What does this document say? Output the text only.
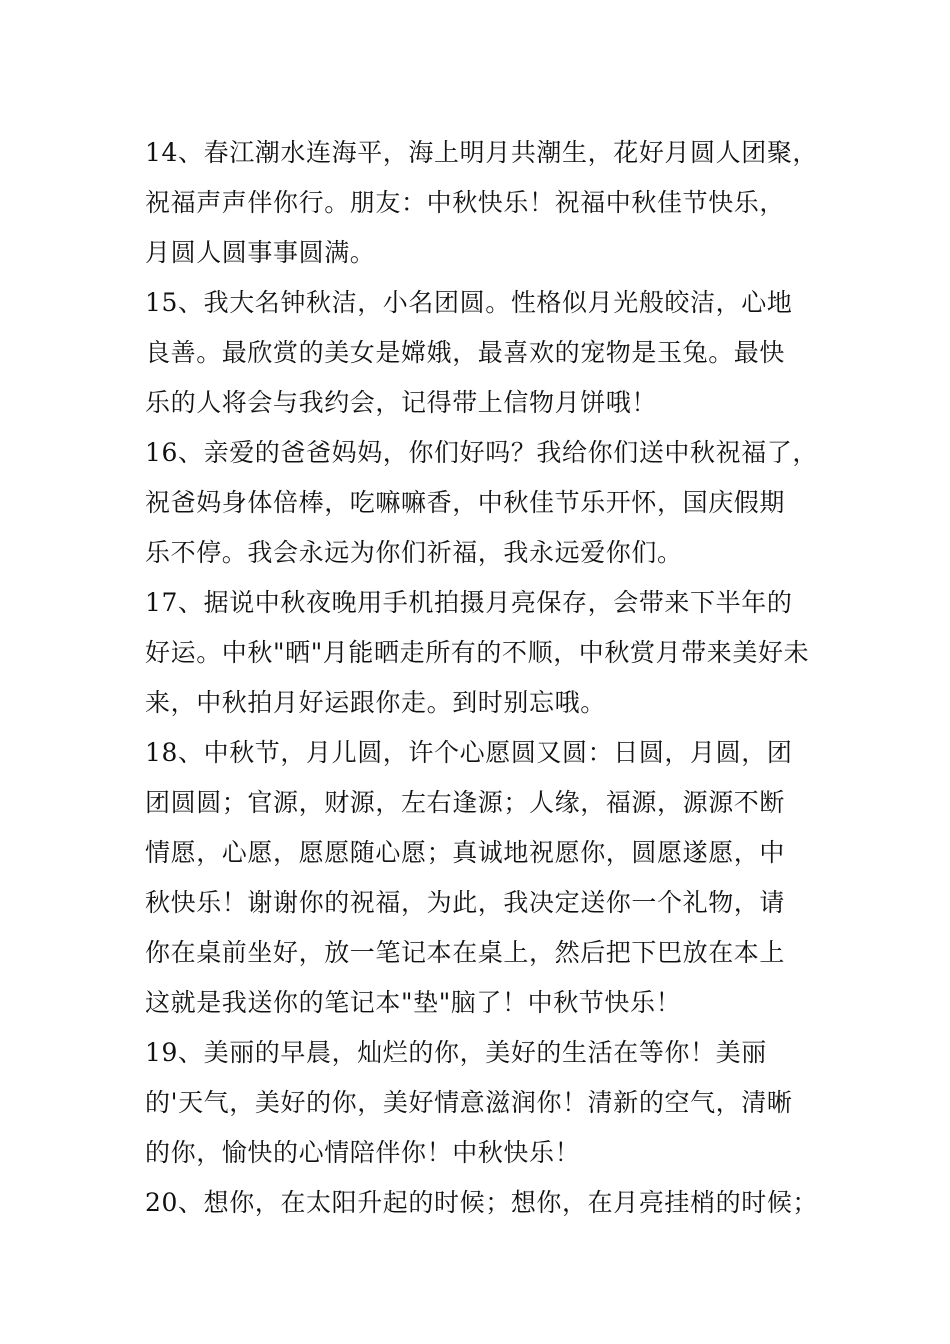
14、春江潮水连海平，海上明月共潮生，花好月圆人团聚，
祝福声声伴你行。朋友：中秋快乐！祝福中秋佳节快乐，
月圆人圆事事圆满。
15、我大名钟秋洁，小名团圆。性格似月光般皎洁，心地
良善。最欣赏的美女是嫦娥，最喜欢的宠物是玉兔。最快
乐的人将会与我约会，记得带上信物月饼哦！
16、亲爱的爸爸妈妈，你们好吗？我给你们送中秋祝福了，
祝爸妈身体倍棒，吃嘛嘛香，中秋佳节乐开怀，国庆假期
乐不停。我会永远为你们祈福，我永远爱你们。
17、据说中秋夜晚用手机拍摄月亮保存，会带来下半年的
好运。中秋"晒"月能晒走所有的不顺，中秋赏月带来美好未
来，中秋拍月好运跟你走。到时别忘哦。
18、中秋节，月儿圆，许个心愿圆又圆：日圆，月圆，团
团圆圆；官源，财源，左右逢源；人缘，福源，源源不断
情愿，心愿，愿愿随心愿；真诚地祝愿你，圆愿遂愿，中
秋快乐！谢谢你的祝福，为此，我决定送你一个礼物，请
你在桌前坐好，放一笔记本在桌上，然后把下巴放在本上
这就是我送你的笔记本"垫"脑了！中秋节快乐！
19、美丽的早晨，灿烂的你，美好的生活在等你！美丽
的'天气，美好的你，美好情意滋润你！清新的空气，清晰
的你，愉快的心情陪伴你！中秋快乐！
20、想你，在太阳升起的时候；想你，在月亮挂梢的时候；
